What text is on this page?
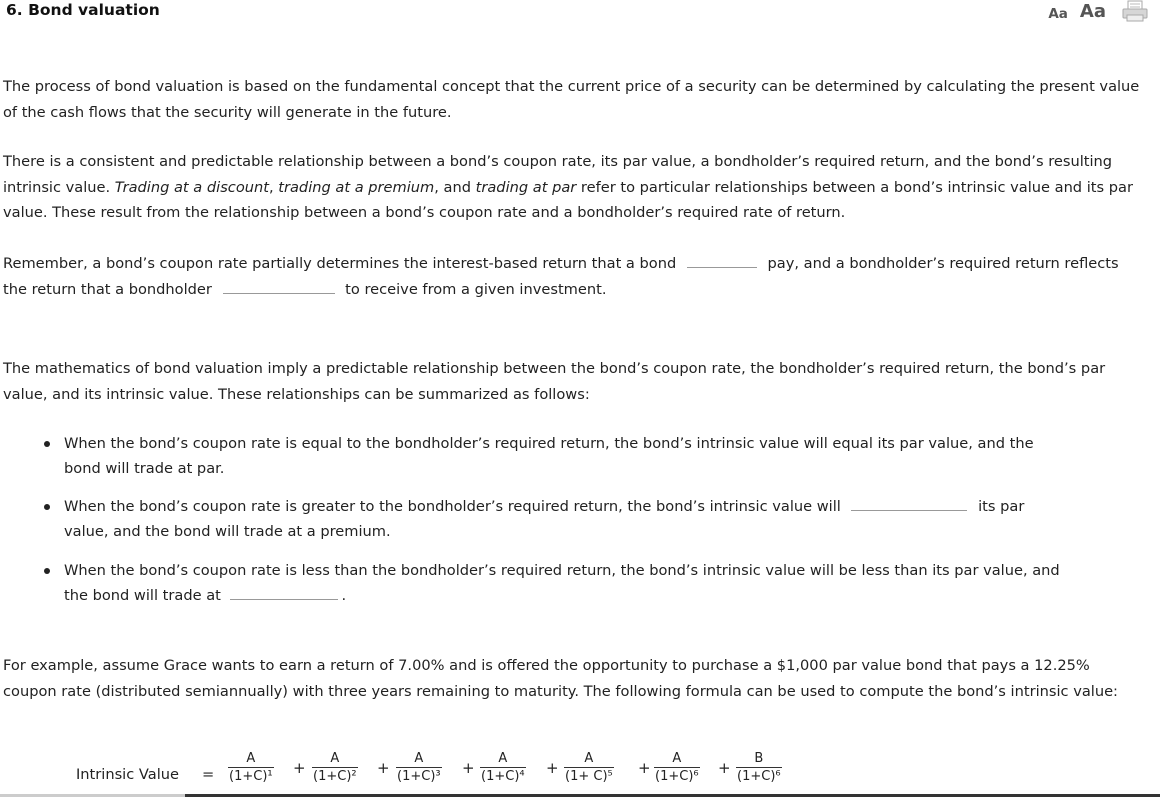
6. Bond valuation	Aa Aa
The process of bond valuation is based on the fundamental concept that the current price of a security can be determined by calculating the present value of the cash flows that the security will generate in the future.
There is a consistent and predictable relationship between a bond’s coupon rate, its par value, a bondholder’s required return, and the bond’s resulting intrinsic value. Trading at a discount, trading at a premium, and trading at par refer to particular relationships between a bond’s intrinsic value and its par value. These result from the relationship between a bond’s coupon rate and a bondholder’s required rate of return.
Remember, a bond’s coupon rate partially determines the interest-based return that a bond	pay, and a bondholder’s required return reflects the return that a bondholder	to receive from a given investment.
The mathematics of bond valuation imply a predictable relationship between the bond’s coupon rate, the bondholder’s required return, the bond’s par value, and its intrinsic value. These relationships can be summarized as follows:
When the bond’s coupon rate is equal to the bondholder’s required return, the bond’s intrinsic value will equal its par value, and the bond will trade at par.
When the bond’s coupon rate is greater to the bondholder’s required return, the bond’s intrinsic value will	its par value, and the bond will trade at a premium.
When the bond’s coupon rate is less than the bondholder’s required return, the bond’s intrinsic value will be less than its par value, and the bond will trade at	.
For example, assume Grace wants to earn a return of 7.00% and is offered the opportunity to purchase a $1,000 par value bond that pays a 12.25% coupon rate (distributed semiannually) with three years remaining to maturity. The following formula can be used to compute the bond’s intrinsic value:
Intrinsic Value = $\frac{A}{\text{(1+C)¹}} + \frac{A}{\text{(1+C)²}} + \frac{A}{\text{(1+C)³}} + \frac{A}{\text{(1+C)⁴}} + \frac{A}{\text{(1+ C)⁵}} + \frac{A}{\text{(1+C)⁶}} + \frac{B}{\text{(1+C)⁶}}$
